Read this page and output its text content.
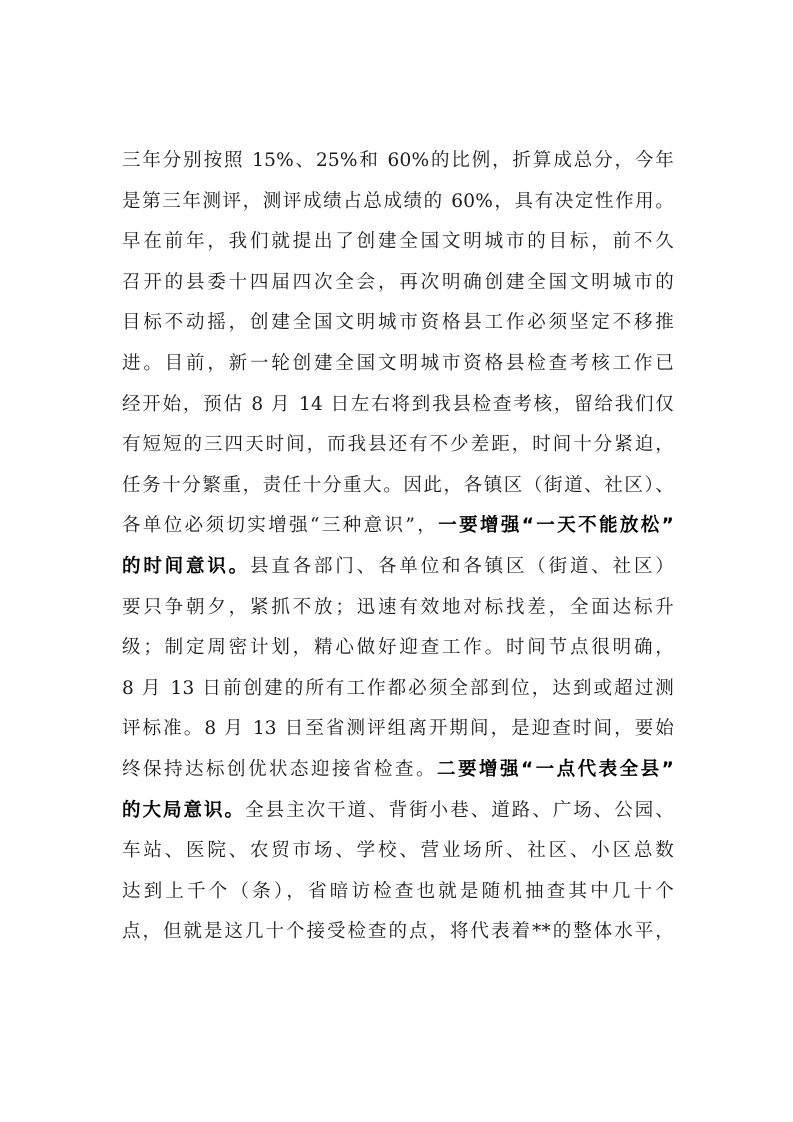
三年分别按照 15%、25%和 60%的比例，折算成总分，今年
是第三年测评，测评成绩占总成绩的 60%，具有决定性作用。
早在前年，我们就提出了创建全国文明城市的目标，前不久
召开的县委十四届四次全会，再次明确创建全国文明城市的
目标不动摇，创建全国文明城市资格县工作必须坚定不移推
进。目前，新一轮创建全国文明城市资格县检查考核工作已
经开始，预估 8 月 14 日左右将到我县检查考核，留给我们仅
有短短的三四天时间，而我县还有不少差距，时间十分紧迫，
任务十分繁重，责任十分重大。因此，各镇区（街道、社区）、
各单位必须切实增强“三种意识”，一要增强“一天不能放松”
的时间意识。县直各部门、各单位和各镇区（街道、社区）
要只争朝夕，紧抓不放；迅速有效地对标找差，全面达标升
级；制定周密计划，精心做好迎查工作。时间节点很明确，
8 月 13 日前创建的所有工作都必须全部到位，达到或超过测
评标准。8 月 13 日至省测评组离开期间，是迎查时间，要始
终保持达标创优状态迎接省检查。二要增强“一点代表全县”
的大局意识。全县主次干道、背街小巷、道路、广场、公园、
车站、医院、农贸市场、学校、营业场所、社区、小区总数
达到上千个（条），省暗访检查也就是随机抽查其中几十个
点，但就是这几十个接受检查的点，将代表着**的整体水平，
